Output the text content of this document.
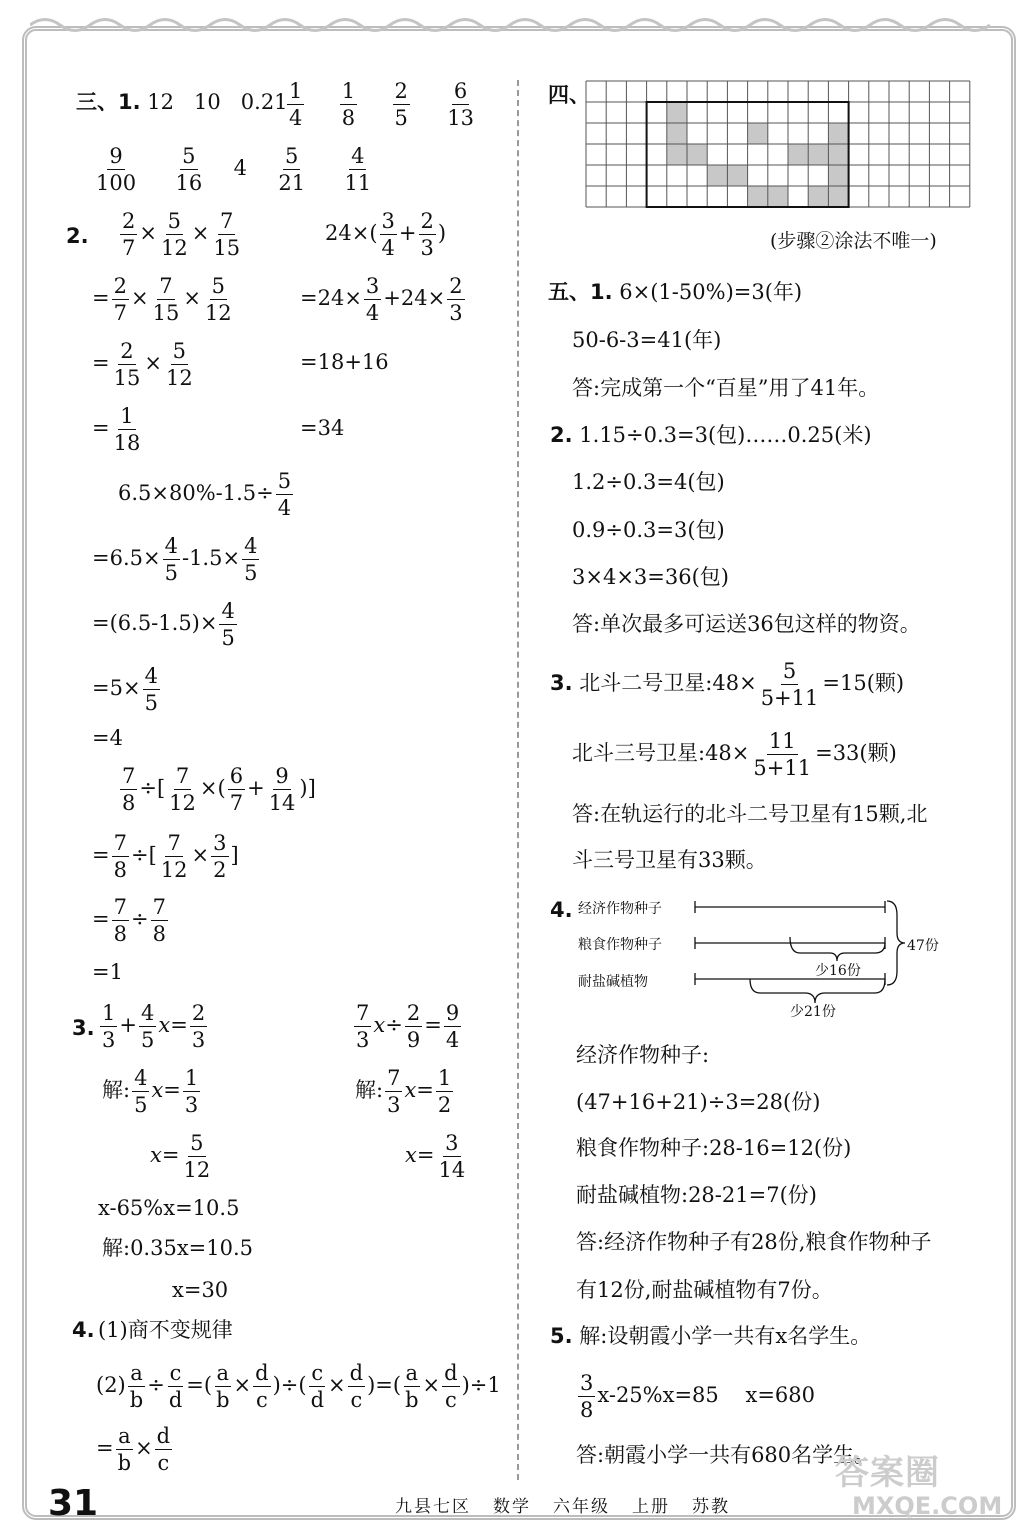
三、1. 12   10   $0.21 \frac{1}{4}$
$\frac{1}{8}$
$\frac{2}{5}$
$\frac{6}{13}$
$\frac{9}{100}$
$\frac{5}{16} 4 \frac{5}{21}$
$\frac{4}{11}$
2. $\frac{2}{7} \times \frac{5}{12} \times \frac{7}{15}$	$24\times( \frac{3}{4} + \frac{2}{3}$ )
= $\frac{2}{7} \times \frac{7}{15} \times \frac{5}{12}$	$=24\times \frac{3}{4} +24\times \frac{2}{3}$
= $\frac{2}{15} \times \frac{5}{12}$	=18+16
= $\frac{1}{18}$	=34
$6.5\times 80\%-1.5\div \frac{5}{4}$
$=6.5\times \frac{4}{5} -1.5\times \frac{4}{5}$
$=(6.5-1.5)\times \frac{4}{5}$
$=5\times \frac{4}{5}$
=4
$\frac{7}{8}$ ÷[ $\frac{7}{12}$ ×( $\frac{6}{7} + \frac{9}{14}$ )]
= $\frac{7}{8}$ ÷[ $\frac{7}{12} \times \frac{3}{2}$ ]
= $\frac{7}{8} \div \frac{7}{8}$
=1
3. $\frac{1}{3} + \frac{4}{5} x= \frac{2}{3}$	$\frac{7}{3} x\div \frac{2}{9} = \frac{9}{4}$
解: $\frac{4}{5} x= \frac{1}{3}$	解: $\frac{7}{3} x= \frac{1}{2}$
$x= \frac{5}{12}$	$x= \frac{3}{14}$
x-65%x=10.5
解:0.35x=10.5
x=30
4. (1)商不变规律
$(2) \frac{a}{b} \div \frac{c}{d}$ =( $\frac{a}{b} \times \frac{d}{c}$ )÷( $\frac{c}{d} \times \frac{d}{c}$ )=( $\frac{a}{b} \times \frac{d}{c} )\div 1$
= $\frac{a}{b} \times \frac{d}{c}$
四、
(步骤②涂法不唯一)
五、1. 6×(1-50%)=3(年)
50-6-3=41(年)
答:完成第一个“百星”用了41年。
2. 1.15÷0.3=3(包)……0.25(米)
1.2÷0.3=4(包)
0.9÷0.3=3(包)
3×4×3=36(包)
答:单次最多可运送36包这样的物资。
3. 北斗二号卫星:48× $\frac{5}{5+11} =15$(颗)
北斗三号卫星:48× $\frac{11}{5+11} =33$(颗)
答:在轨运行的北斗二号卫星有15颗,北
斗三号卫星有33颗。
4. 经济作物种子
粮食作物种子
耐盐碱植物
少16份
少21份
47份
经济作物种子:
(47+16+21)÷3=28(份)
粮食作物种子:28-16=12(份)
耐盐碱植物:28-21=7(份)
答:经济作物种子有28份,粮食作物种子
有12份,耐盐碱植物有7份。
5. 解:设朝霞小学一共有x名学生。
$\frac{3}{8} x-25\%x=85$    x=680
答:朝霞小学一共有680名学生。
31	九县七区 数学 六年级 上册 苏教
答案圈
MXQE.COM
